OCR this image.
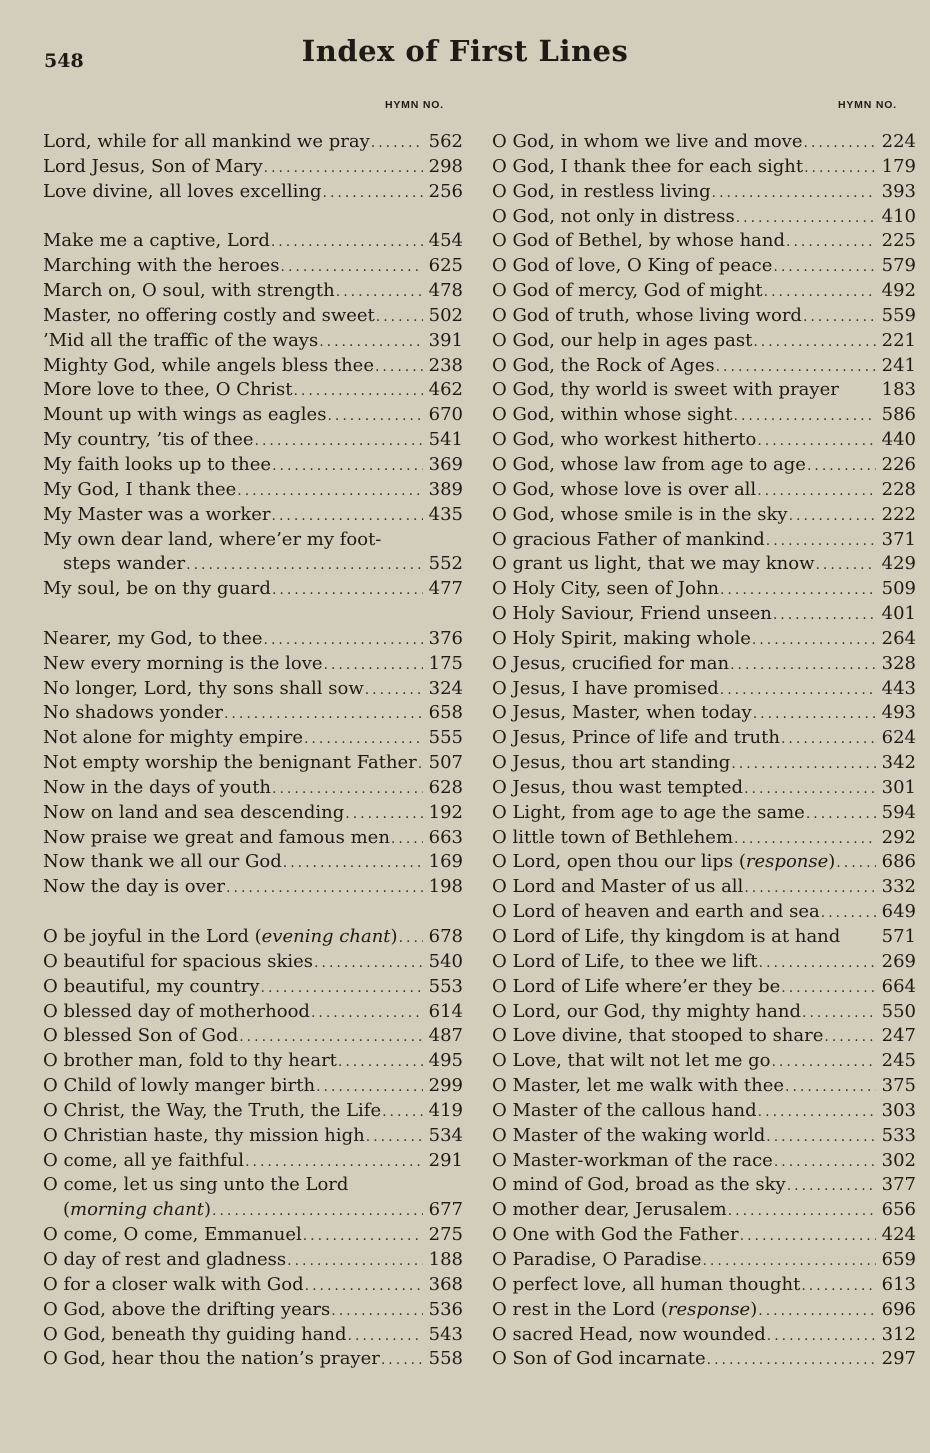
548	Index of First Lines
HYMN NO.	HYMN NO.
Lord, while for all mankind we pray .....	562
Lord Jesus, Son of Mary .....	298
Love divine, all loves excelling .....	256
Make me a captive, Lord .....	454
Marching with the heroes .....	625
March on, O soul, with strength .....	478
Master, no offering costly and sweet .....	502
’Mid all the traffic of the ways .....	391
Mighty God, while angels bless thee .....	238
More love to thee, O Christ .....	462
Mount up with wings as eagles .....	670
My country, ’tis of thee .....	541
My faith looks up to thee .....	369
My God, I thank thee .....	389
My Master was a worker .....	435
My own dear land, where’er my foot-
steps wander .....	552
My soul, be on thy guard .....	477
Nearer, my God, to thee .....	376
New every morning is the love .....	175
No longer, Lord, thy sons shall sow .....	324
No shadows yonder .....	658
Not alone for mighty empire .....	555
Not empty worship the benignant Father ..... 507
Now in the days of youth .....	628
Now on land and sea descending .....	192
Now praise we great and famous men ..... 663
Now thank we all our God .....	169
Now the day is over .....	198
O be joyful in the Lord (evening chant) ..... 678
O beautiful for spacious skies .....	540
O beautiful, my country .....	553
O blessed day of motherhood .....	614
O blessed Son of God .....	487
O brother man, fold to thy heart .....	495
O Child of lowly manger birth .....	299
O Christ, the Way, the Truth, the Life .....	419
O Christian haste, thy mission high .....	534
O come, all ye faithful .....	291
O come, let us sing unto the Lord
(morning chant) .....	677
O come, O come, Emmanuel .....	275
O day of rest and gladness .....	188
O for a closer walk with God .....	368
O God, above the drifting years .....	536
O God, beneath thy guiding hand .....	543
O God, hear thou the nation’s prayer .....	558
O God, in whom we live and move .....	224
O God, I thank thee for each sight .....	179
O God, in restless living .....	393
O God, not only in distress .....	410
O God of Bethel, by whose hand .....	225
O God of love, O King of peace .....	579
O God of mercy, God of might .....	492
O God of truth, whose living word .....	559
O God, our help in ages past .....	221
O God, the Rock of Ages .....	241
O God, thy world is sweet with prayer 183
O God, within whose sight .....	586
O God, who workest hitherto .....	440
O God, whose law from age to age .....	226
O God, whose love is over all .....	228
O God, whose smile is in the sky .....	222
O gracious Father of mankind .....	371
O grant us light, that we may know .....	429
O Holy City, seen of John .....	509
O Holy Saviour, Friend unseen .....	401
O Holy Spirit, making whole .....	264
O Jesus, crucified for man .....	328
O Jesus, I have promised .....	443
O Jesus, Master, when today .....	493
O Jesus, Prince of life and truth .....	624
O Jesus, thou art standing .....	342
O Jesus, thou wast tempted .....	301
O Light, from age to age the same .....	594
O little town of Bethlehem .....	292
O Lord, open thou our lips (response) .....	686
O Lord and Master of us all .....	332
O Lord of heaven and earth and sea .....	649
O Lord of Life, thy kingdom is at hand 571
O Lord of Life, to thee we lift .....	269
O Lord of Life where’er they be .....	664
O Lord, our God, thy mighty hand .....	550
O Love divine, that stooped to share .....	247
O Love, that wilt not let me go .....	245
O Master, let me walk with thee .....	375
O Master of the callous hand .....	303
O Master of the waking world .....	533
O Master-workman of the race .....	302
O mind of God, broad as the sky .....	377
O mother dear, Jerusalem .....	656
O One with God the Father .....	424
O Paradise, O Paradise .....	659
O perfect love, all human thought .....	613
O rest in the Lord (response) .....	696
O sacred Head, now wounded .....	312
O Son of God incarnate .....	297
